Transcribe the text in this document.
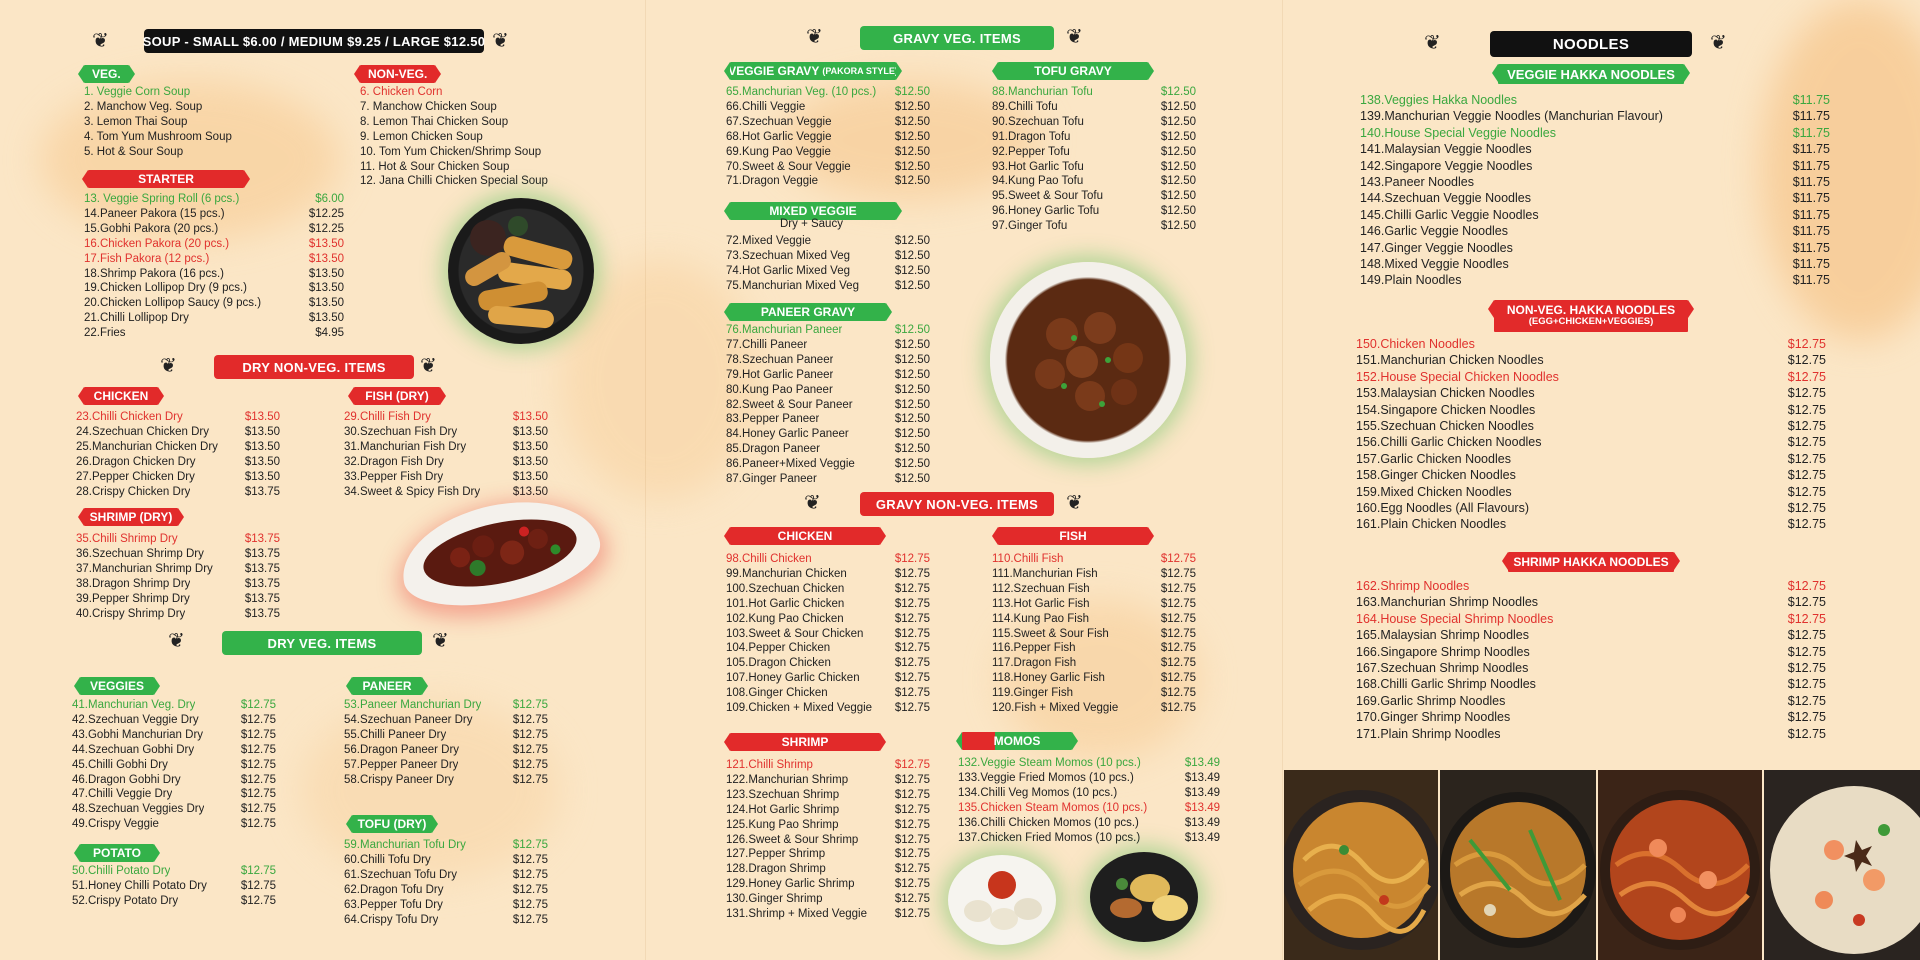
❦	SOUP - SMALL $6.00 / MEDIUM $9.25 / LARGE $12.50 ❦
VEG.
1. Veggie Corn Soup
2. Manchow Veg. Soup
3. Lemon Thai Soup
4. Tom Yum Mushroom Soup
5. Hot & Sour Soup
NON-VEG.
6. Chicken Corn
7. Manchow Chicken Soup
8. Lemon Thai Chicken Soup
9. Lemon Chicken Soup
10. Tom Yum Chicken/Shrimp Soup
11. Hot & Sour Chicken Soup
12. Jana Chilli Chicken Special Soup
STARTER
13. Veggie Spring Roll (6 pcs.)	$6.00
14.Paneer Pakora (15 pcs.)	$12.25
15.Gobhi Pakora (20 pcs.)	$12.25
16.Chicken Pakora (20 pcs.)	$13.50
17.Fish Pakora (12 pcs.)	$13.50
18.Shrimp Pakora (16 pcs.)	$13.50
19.Chicken Lollipop Dry (9 pcs.)	$13.50
20.Chicken Lollipop Saucy (9 pcs.)	$13.50
21.Chilli Lollipop Dry	$13.50
22.Fries	$4.95
❦	DRY NON-VEG. ITEMS	❦
CHICKEN
23.Chilli Chicken Dry	$13.50
24.Szechuan Chicken Dry	$13.50
25.Manchurian Chicken Dry $13.50
26.Dragon Chicken Dry	$13.50
27.Pepper Chicken Dry	$13.50
28.Crispy Chicken Dry	$13.75
FISH (DRY)
29.Chilli Fish Dry	$13.50
30.Szechuan Fish Dry	$13.50
31.Manchurian Fish Dry	$13.50
32.Dragon Fish Dry	$13.50
33.Pepper Fish Dry	$13.50
34.Sweet & Spicy Fish Dry	$13.50
SHRIMP (DRY)
35.Chilli Shrimp Dry	$13.75
36.Szechuan Shrimp Dry	$13.75
37.Manchurian Shrimp Dry	$13.75
38.Dragon Shrimp Dry	$13.75
39.Pepper Shrimp Dry	$13.75
40.Crispy Shrimp Dry	$13.75
❦	DRY VEG. ITEMS	❦
VEGGIES
41.Manchurian Veg. Dry	$12.75
42.Szechuan Veggie Dry	$12.75
43.Gobhi Manchurian Dry	$12.75
44.Szechuan Gobhi Dry	$12.75
45.Chilli Gobhi Dry	$12.75
46.Dragon Gobhi Dry	$12.75
47.Chilli Veggie Dry	$12.75
48.Szechuan Veggies Dry	$12.75
49.Crispy Veggie	$12.75
POTATO
50.Chilli Potato Dry	$12.75
51.Honey Chilli Potato Dry	$12.75
52.Crispy Potato Dry	$12.75
PANEER
53.Paneer Manchurian Dry	$12.75
54.Szechuan Paneer Dry	$12.75
55.Chilli Paneer Dry	$12.75
56.Dragon Paneer Dry	$12.75
57.Pepper Paneer Dry	$12.75
58.Crispy Paneer Dry	$12.75
TOFU (DRY)
59.Manchurian Tofu Dry	$12.75
60.Chilli Tofu Dry	$12.75
61.Szechuan Tofu Dry	$12.75
62.Dragon Tofu Dry	$12.75
63.Pepper Tofu Dry	$12.75
64.Crispy Tofu Dry	$12.75
❦	GRAVY VEG. ITEMS	❦
VEGGIE GRAVY (PAKORA STYLE)
65.Manchurian Veg. (10 pcs.) $12.50
66.Chilli Veggie	$12.50
67.Szechuan Veggie	$12.50
68.Hot Garlic Veggie	$12.50
69.Kung Pao Veggie	$12.50
70.Sweet & Sour Veggie	$12.50
71.Dragon Veggie	$12.50
TOFU GRAVY
88.Manchurian Tofu	$12.50
89.Chilli Tofu	$12.50
90.Szechuan Tofu	$12.50
91.Dragon Tofu	$12.50
92.Pepper Tofu	$12.50
93.Hot Garlic Tofu	$12.50
94.Kung Pao Tofu	$12.50
95.Sweet & Sour Tofu	$12.50
96.Honey Garlic Tofu	$12.50
97.Ginger Tofu	$12.50
MIXED VEGGIE
Dry + Saucy
72.Mixed Veggie	$12.50
73.Szechuan Mixed Veg	$12.50
74.Hot Garlic Mixed Veg	$12.50
75.Manchurian Mixed Veg	$12.50
PANEER GRAVY
76.Manchurian Paneer	$12.50
77.Chilli Paneer	$12.50
78.Szechuan Paneer	$12.50
79.Hot Garlic Paneer	$12.50
80.Kung Pao Paneer	$12.50
82.Sweet & Sour Paneer	$12.50
83.Pepper Paneer	$12.50
84.Honey Garlic Paneer	$12.50
85.Dragon Paneer	$12.50
86.Paneer+Mixed Veggie	$12.50
87.Ginger Paneer	$12.50
❦	GRAVY NON-VEG. ITEMS	❦
CHICKEN
98.Chilli Chicken	$12.75
99.Manchurian Chicken	$12.75
100.Szechuan Chicken	$12.75
101.Hot Garlic Chicken	$12.75
102.Kung Pao Chicken	$12.75
103.Sweet & Sour Chicken	$12.75
104.Pepper Chicken	$12.75
105.Dragon Chicken	$12.75
107.Honey Garlic Chicken	$12.75
108.Ginger Chicken	$12.75
109.Chicken + Mixed Veggie $12.75
FISH
110.Chilli Fish	$12.75
111.Manchurian Fish	$12.75
112.Szechuan Fish	$12.75
113.Hot Garlic Fish	$12.75
114.Kung Pao Fish	$12.75
115.Sweet & Sour Fish	$12.75
116.Pepper Fish	$12.75
117.Dragon Fish	$12.75
118.Honey Garlic Fish	$12.75
119.Ginger Fish	$12.75
120.Fish + Mixed Veggie	$12.75
SHRIMP
121.Chilli Shrimp	$12.75
122.Manchurian Shrimp	$12.75
123.Szechuan Shrimp	$12.75
124.Hot Garlic Shrimp	$12.75
125.Kung Pao Shrimp	$12.75
126.Sweet & Sour Shrimp	$12.75
127.Pepper Shrimp	$12.75
128.Dragon Shrimp	$12.75
129.Honey Garlic Shrimp	$12.75
130.Ginger Shrimp	$12.75
131.Shrimp + Mixed Veggie $12.75
MOMOS
132.Veggie Steam Momos (10 pcs.)	$13.49
133.Veggie Fried Momos (10 pcs.)	$13.49
134.Chilli Veg Momos (10 pcs.)	$13.49
135.Chicken Steam Momos (10 pcs.)	$13.49
136.Chilli Chicken Momos (10 pcs.)	$13.49
137.Chicken Fried Momos (10 pcs.)	$13.49
❦	NOODLES	❦
VEGGIE HAKKA NOODLES
138.Veggies Hakka Noodles	$11.75
139.Manchurian Veggie Noodles (Manchurian Flavour)	$11.75
140.House Special Veggie Noodles	$11.75
141.Malaysian Veggie Noodles	$11.75
142.Singapore Veggie Noodles	$11.75
143.Paneer Noodles	$11.75
144.Szechuan Veggie Noodles	$11.75
145.Chilli Garlic Veggie Noodles	$11.75
146.Garlic Veggie Noodles	$11.75
147.Ginger Veggie Noodles	$11.75
148.Mixed Veggie Noodles	$11.75
149.Plain Noodles	$11.75
NON-VEG. HAKKA NOODLES
(EGG+CHICKEN+VEGGIES)
150.Chicken Noodles	$12.75
151.Manchurian Chicken Noodles	$12.75
152.House Special Chicken Noodles	$12.75
153.Malaysian Chicken Noodles	$12.75
154.Singapore Chicken Noodles	$12.75
155.Szechuan Chicken Noodles	$12.75
156.Chilli Garlic Chicken Noodles	$12.75
157.Garlic Chicken Noodles	$12.75
158.Ginger Chicken Noodles	$12.75
159.Mixed Chicken Noodles	$12.75
160.Egg Noodles (All Flavours)	$12.75
161.Plain Chicken Noodles	$12.75
SHRIMP HAKKA NOODLES
162.Shrimp Noodles	$12.75
163.Manchurian Shrimp Noodles	$12.75
164.House Special Shrimp Noodles	$12.75
165.Malaysian Shrimp Noodles	$12.75
166.Singapore Shrimp Noodles	$12.75
167.Szechuan Shrimp Noodles	$12.75
168.Chilli Garlic Shrimp Noodles	$12.75
169.Garlic Shrimp Noodles	$12.75
170.Ginger Shrimp Noodles	$12.75
171.Plain Shrimp Noodles	$12.75
